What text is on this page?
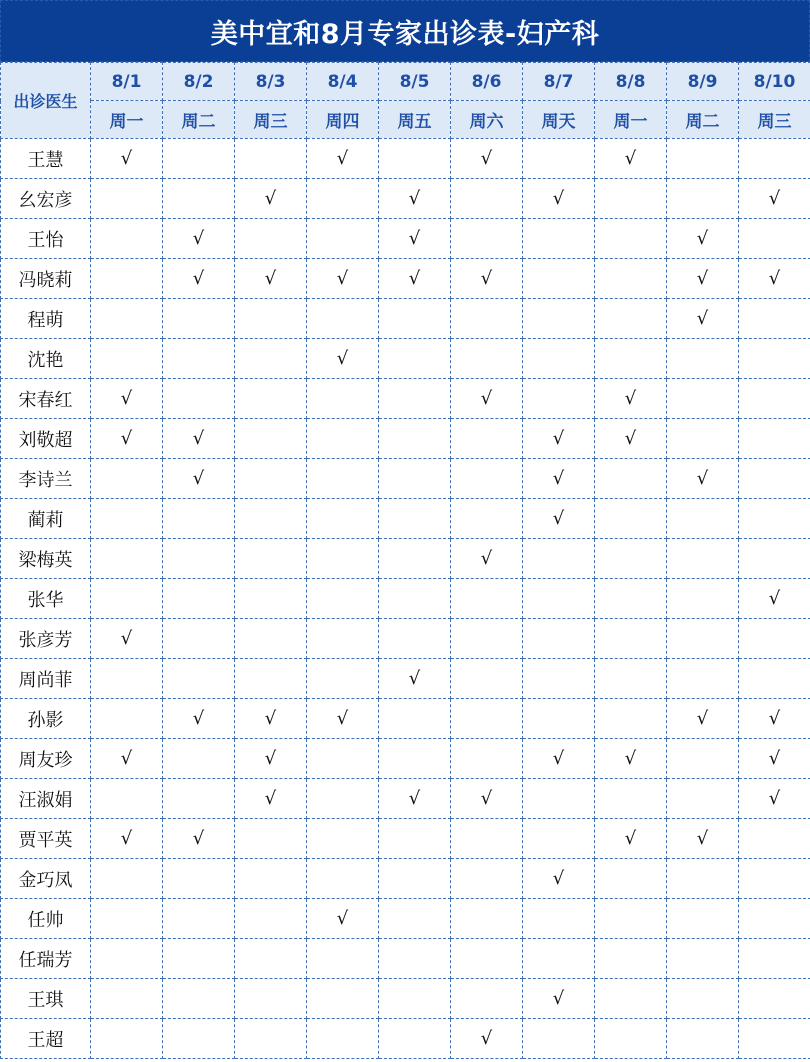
美中宜和8月专家出诊表-妇产科
出诊医生	8/1	8/2	8/3	8/4	8/5	8/6	8/7	8/8	8/9	8/10
	周一	周二	周三	周四	周五	周六	周天	周一	周二	周三
王慧	√			√		√		√		
幺宏彦			√		√		√			√
王怡		√			√				√	
冯晓莉		√	√	√	√	√			√	√
程萌									√	
沈艳				√						
宋春红	√					√		√		
刘敬超	√	√					√	√		
李诗兰		√					√		√	
蔺莉							√			
梁梅英						√				
张华										√
张彦芳	√									
周尚菲					√					
孙影		√	√	√					√	√
周友珍	√		√				√	√		√
汪淑娟			√		√	√				√
贾平英	√	√						√	√	
金巧凤							√			
任帅				√						
任瑞芳										
王琪							√			
王超						√				
